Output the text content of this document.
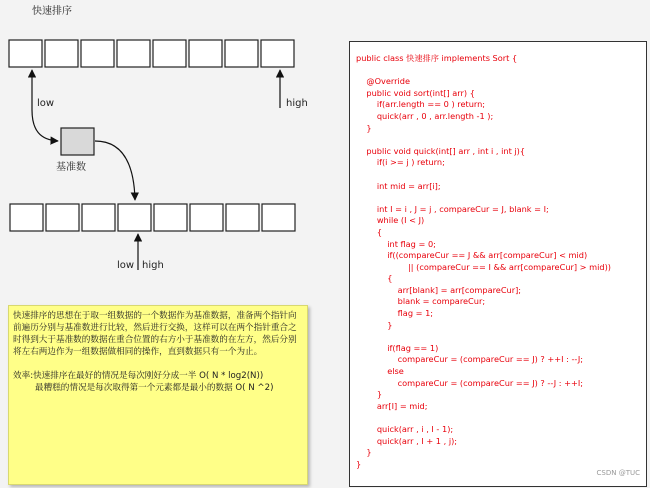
快速排序
low	high
基准数
low high

快速排序的思想在于取一组数据的一个数据作为基准数据，准备两个指针向前遍历分别与基准数进行比较，然后进行交换，这样可以在两个指针重合之时得到大于基准数的数据在重合位置的右方小于基准数的在左方，然后分别将左右两边作为一组数据做相同的操作，直到数据只有一个为止。

效率:快速排序在最好的情况是每次刚好分成一半 O( N * log2(N))

最糟糕的情况是每次取得第一个元素都是最小的数据 O( N ^2)

public class 快速排序 implements Sort {
@Override
public void sort(int[] arr) {
if(arr.length == 0 ) return;
quick(arr , 0 , arr.length -1 );
}
public void quick(int[] arr , int i , int j){
if(i >= j ) return;
int mid = arr[i];
int I = i , J = j , compareCur = J, blank = I;
while (I < J)
{
int flag = 0;
if((compareCur == J && arr[compareCur] < mid)
|| (compareCur == I && arr[compareCur] > mid))
{
arr[blank] = arr[compareCur];
blank = compareCur;
flag = 1;
}
if(flag == 1)
compareCur = (compareCur == J) ? ++I : --J;
else
compareCur = (compareCur == J) ? --J : ++I;
}
arr[I] = mid;
quick(arr , i , I - 1);
quick(arr , I + 1 , j);
}
}
CSDN @TUC
